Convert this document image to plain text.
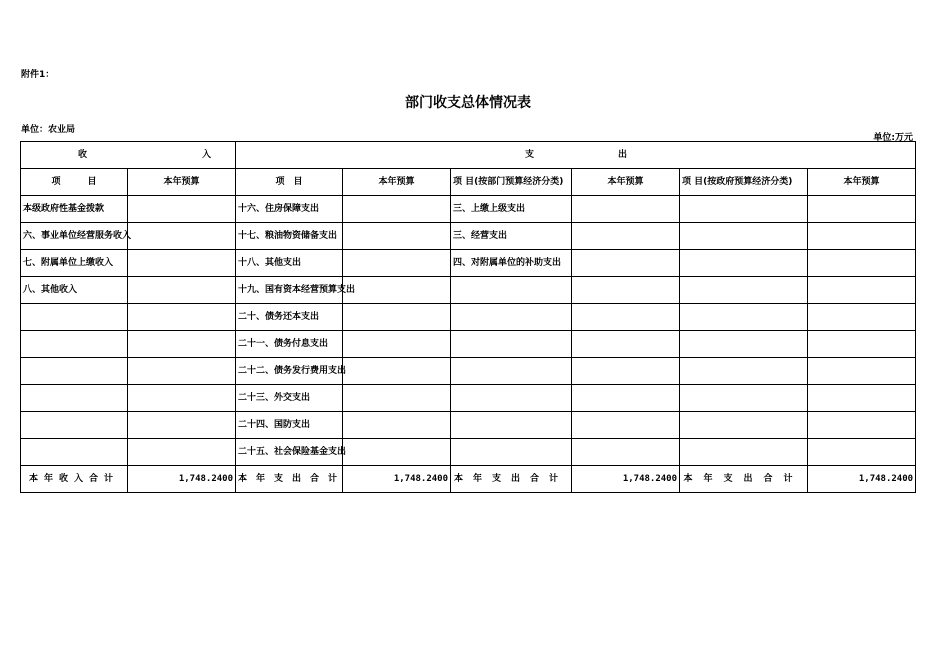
附件1：
部门收支总体情况表
单位：农业局
单位:万元
收 入		支 出					

项　　　目	本年预算	项　目	本年预算	项 目(按部门预算经济分类)	本年预算	项 目(按政府预算经济分类)	本年预算
本级政府性基金拨款		十六、住房保障支出		三、上缴上级支出			
六、事业单位经营服务收入		十七、粮油物资储备支出		三、经营支出			
七、附属单位上缴收入		十八、其他支出		四、对附属单位的补助支出			
八、其他收入		十九、国有资本经营预算支出					
		二十、债务还本支出					
		二十一、债务付息支出					
		二十二、债务发行费用支出					
		二十三、外交支出					
		二十四、国防支出					
		二十五、社会保险基金支出					
本年收入合计	1,748.2400	本年支出合计	1,748.2400	本年支出合计	1,748.2400	本年支出合计	1,748.2400
